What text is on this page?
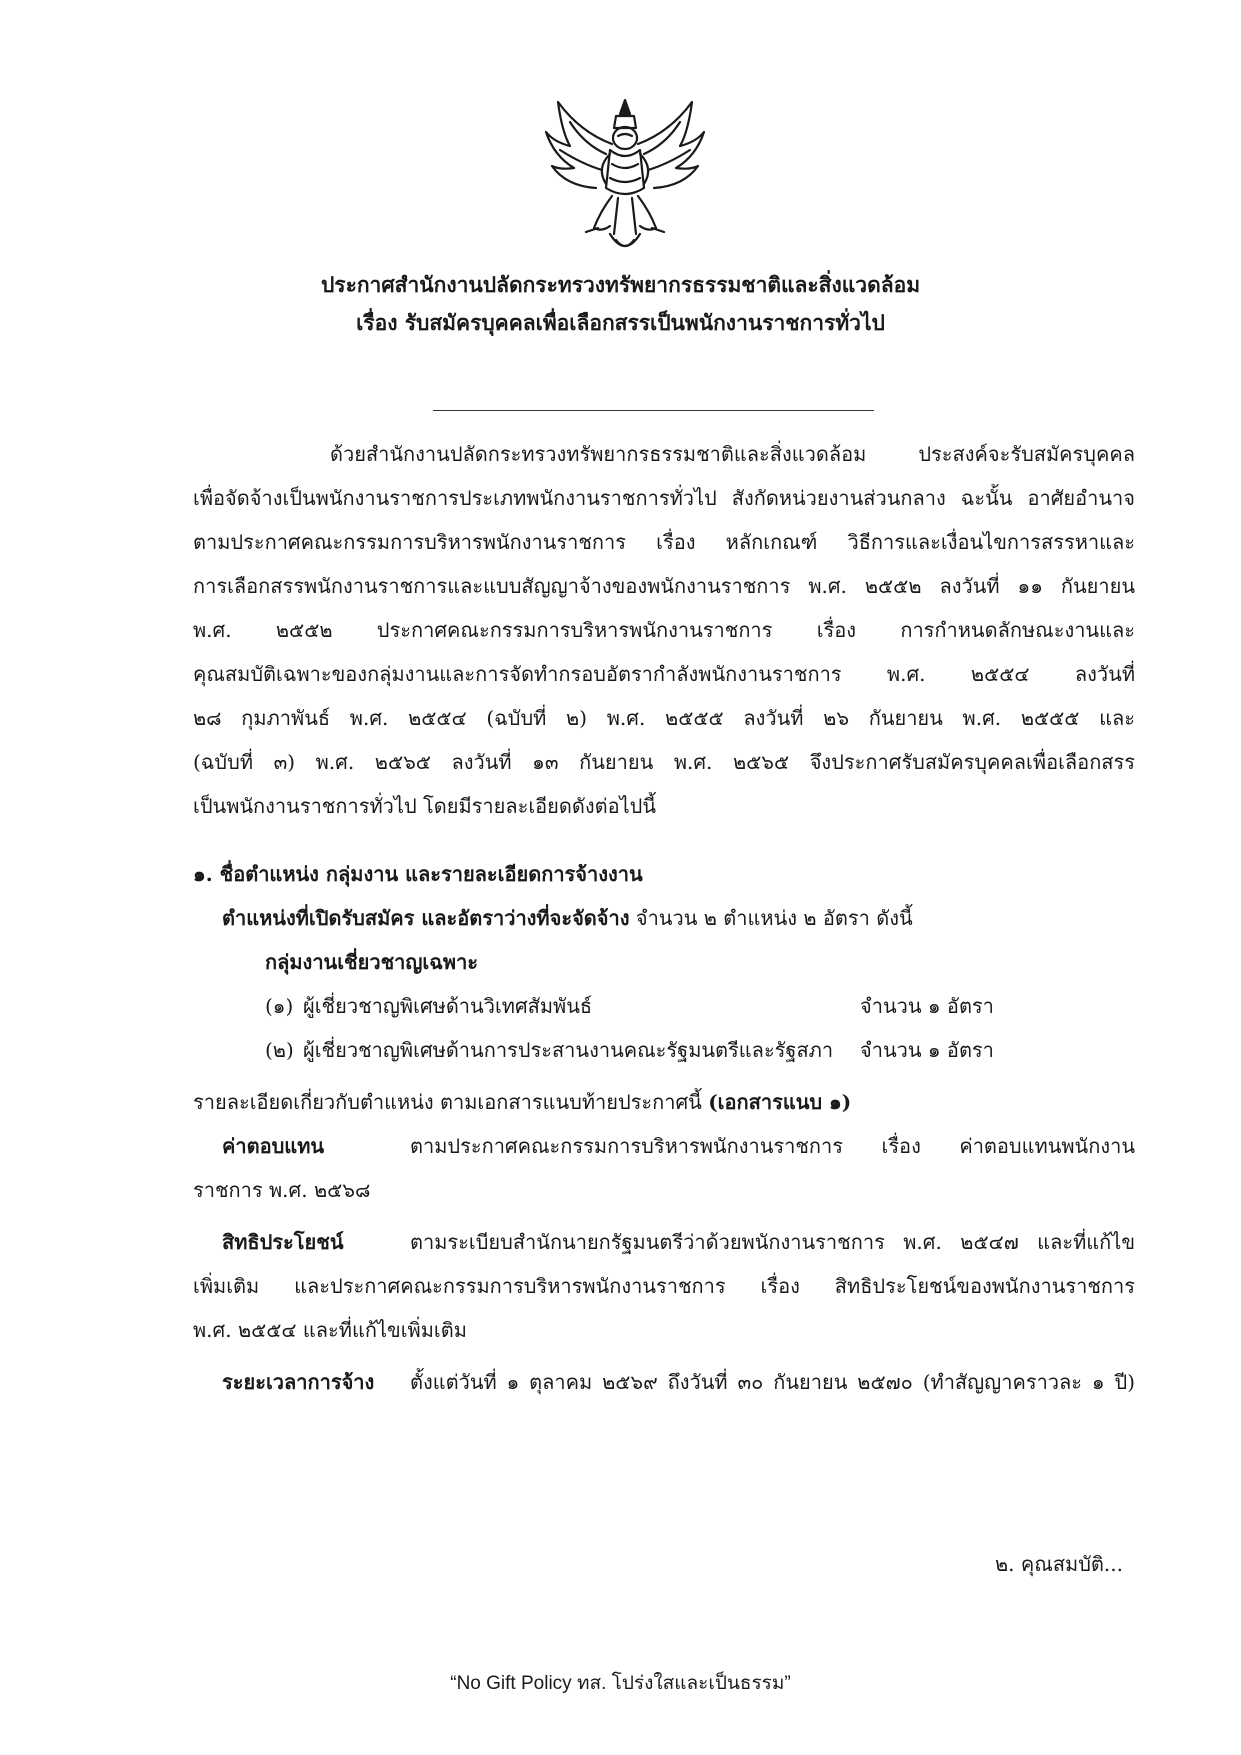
ประกาศสำนักงานปลัดกระทรวงทรัพยากรธรรมชาติและสิ่งแวดล้อม
เรื่อง รับสมัครบุคคลเพื่อเลือกสรรเป็นพนักงานราชการทั่วไป
ด้วยสำนักงานปลัดกระทรวงทรัพยากรธรรมชาติและสิ่งแวดล้อม ประสงค์จะรับสมัครบุคคล
เพื่อจัดจ้างเป็นพนักงานราชการประเภทพนักงานราชการทั่วไป สังกัดหน่วยงานส่วนกลาง ฉะนั้น อาศัยอำนาจ
ตามประกาศคณะกรรมการบริหารพนักงานราชการ เรื่อง หลักเกณฑ์ วิธีการและเงื่อนไขการสรรหาและ
การเลือกสรรพนักงานราชการและแบบสัญญาจ้างของพนักงานราชการ พ.ศ. ๒๕๕๒ ลงวันที่ ๑๑ กันยายน
พ.ศ. ๒๕๕๒ ประกาศคณะกรรมการบริหารพนักงานราชการ เรื่อง การกำหนดลักษณะงานและ
คุณสมบัติเฉพาะของกลุ่มงานและการจัดทำกรอบอัตรากำลังพนักงานราชการ พ.ศ. ๒๕๕๔ ลงวันที่
๒๘ กุมภาพันธ์ พ.ศ. ๒๕๕๔ (ฉบับที่ ๒) พ.ศ. ๒๕๕๕ ลงวันที่ ๒๖ กันยายน พ.ศ. ๒๕๕๕ และ
(ฉบับที่ ๓) พ.ศ. ๒๕๖๕ ลงวันที่ ๑๓ กันยายน พ.ศ. ๒๕๖๕ จึงประกาศรับสมัครบุคคลเพื่อเลือกสรร
เป็นพนักงานราชการทั่วไป โดยมีรายละเอียดดังต่อไปนี้
๑. ชื่อตำแหน่ง กลุ่มงาน และรายละเอียดการจ้างงาน
ตำแหน่งที่เปิดรับสมัคร และอัตราว่างที่จะจัดจ้าง จำนวน ๒ ตำแหน่ง ๒ อัตรา ดังนี้
กลุ่มงานเชี่ยวชาญเฉพาะ
(๑) ผู้เชี่ยวชาญพิเศษด้านวิเทศสัมพันธ์	จำนวน ๑ อัตรา
(๒) ผู้เชี่ยวชาญพิเศษด้านการประสานงานคณะรัฐมนตรีและรัฐสภา จำนวน ๑ อัตรา
รายละเอียดเกี่ยวกับตำแหน่ง ตามเอกสารแนบท้ายประกาศนี้ (เอกสารแนบ ๑)
ค่าตอบแทน	ตามประกาศคณะกรรมการบริหารพนักงานราชการ เรื่อง ค่าตอบแทนพนักงาน
ราชการ พ.ศ. ๒๕๖๘
สิทธิประโยชน์	ตามระเบียบสำนักนายกรัฐมนตรีว่าด้วยพนักงานราชการ พ.ศ. ๒๕๔๗ และที่แก้ไข
เพิ่มเติม และประกาศคณะกรรมการบริหารพนักงานราชการ เรื่อง สิทธิประโยชน์ของพนักงานราชการ
พ.ศ. ๒๕๕๔ และที่แก้ไขเพิ่มเติม
ระยะเวลาการจ้าง ตั้งแต่วันที่ ๑ ตุลาคม ๒๕๖๙ ถึงวันที่ ๓๐ กันยายน ๒๕๗๐ (ทำสัญญาคราวละ ๑ ปี)
๒. คุณสมบัติ...
“No Gift Policy ทส. โปร่งใสและเป็นธรรม”
